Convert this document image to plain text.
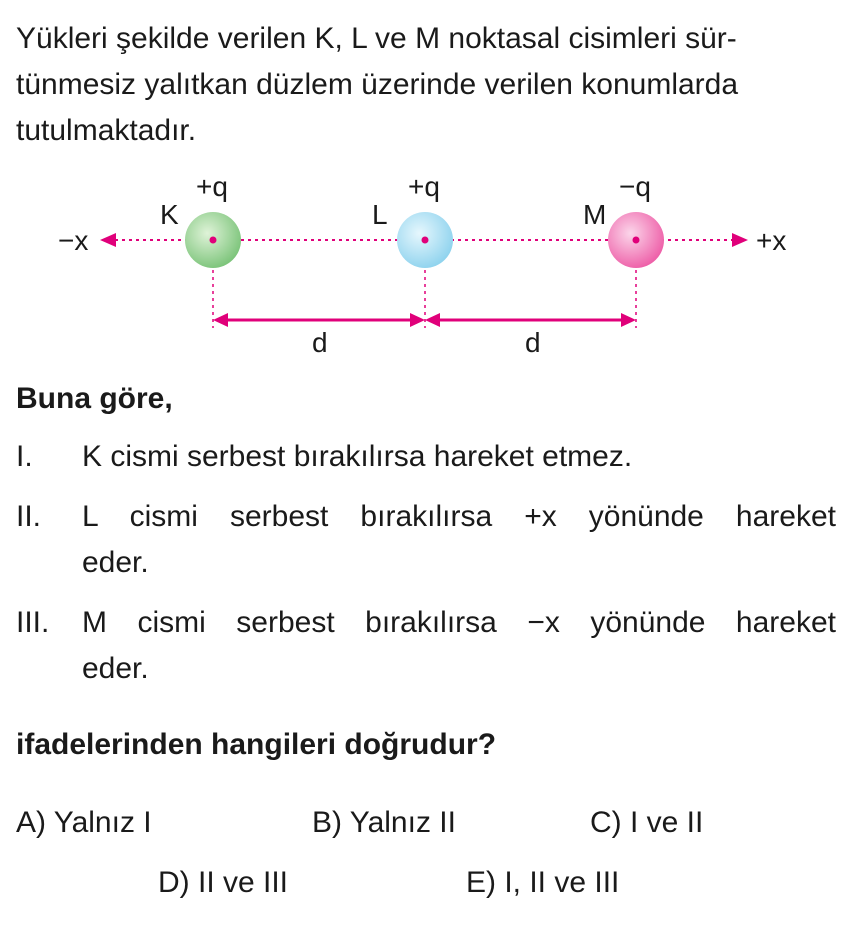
Yükleri şekilde verilen K, L ve M noktasal cisimleri sür-
tünmesiz yalıtkan düzlem üzerinde verilen konumlarda
tutulmaktadır.
−x	+x
K
+q
L
+q
M
−q
d	d
Buna göre,
I. K cismi serbest bırakılırsa hareket etmez.
II. L cismi serbest bırakılırsa +x yönünde hareket
eder.
III. M cismi serbest bırakılırsa −x yönünde hareket
eder.
ifadelerinden hangileri doğrudur?
A) Yalnız I	B) Yalnız II	C) I ve II
D) II ve III	E) I, II ve III
